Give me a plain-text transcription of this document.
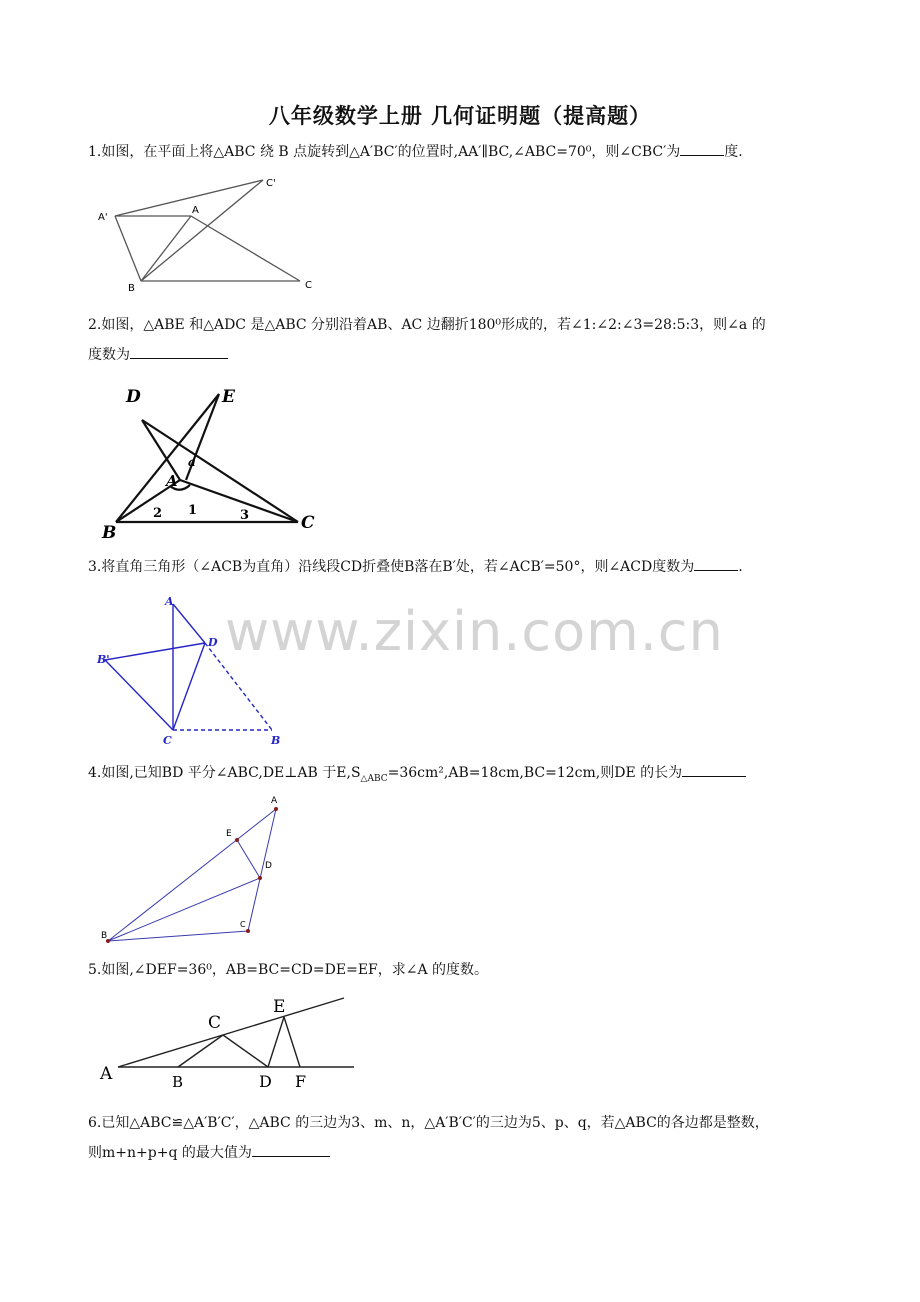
八年级数学上册 几何证明题（提高题）
www.zixin.com.cn
1.如图，在平面上将△ABC 绕 B 点旋转到△A′BC′的位置时,AA′∥BC,∠ABC=70⁰，则∠CBC′为	度.
A'
A
C'
B	C
2.如图，△ABE 和△ADC 是△ABC 分别沿着AB、AC 边翻折180⁰形成的，若∠1:∠2:∠3=28:5:3，则∠a 的
度数为
D	E
A
B	C
a
1
2	3
3.将直角三角形（∠ACB为直角）沿线段CD折叠使B落在B′处，若∠ACB′=50°，则∠ACD度数为	.
A
D
B'
C	B
4.如图,已知BD 平分∠ABC,DE⊥AB 于$E,S_{\triangle ABC}=36cm^2,AB=18cm,BC=12cm$,则DE 的长为
A
E
D
C
B
5.如图,∠DEF=36⁰，AB=BC=CD=DE=EF，求∠A 的度数。
A	B
C
D
E
F
6.已知△ABC≌△A′B′C′，△ABC 的三边为3、m、n，△A′B′C′的三边为5、p、q，若△ABC的各边都是整数，
则m+n+p+q 的最大值为
